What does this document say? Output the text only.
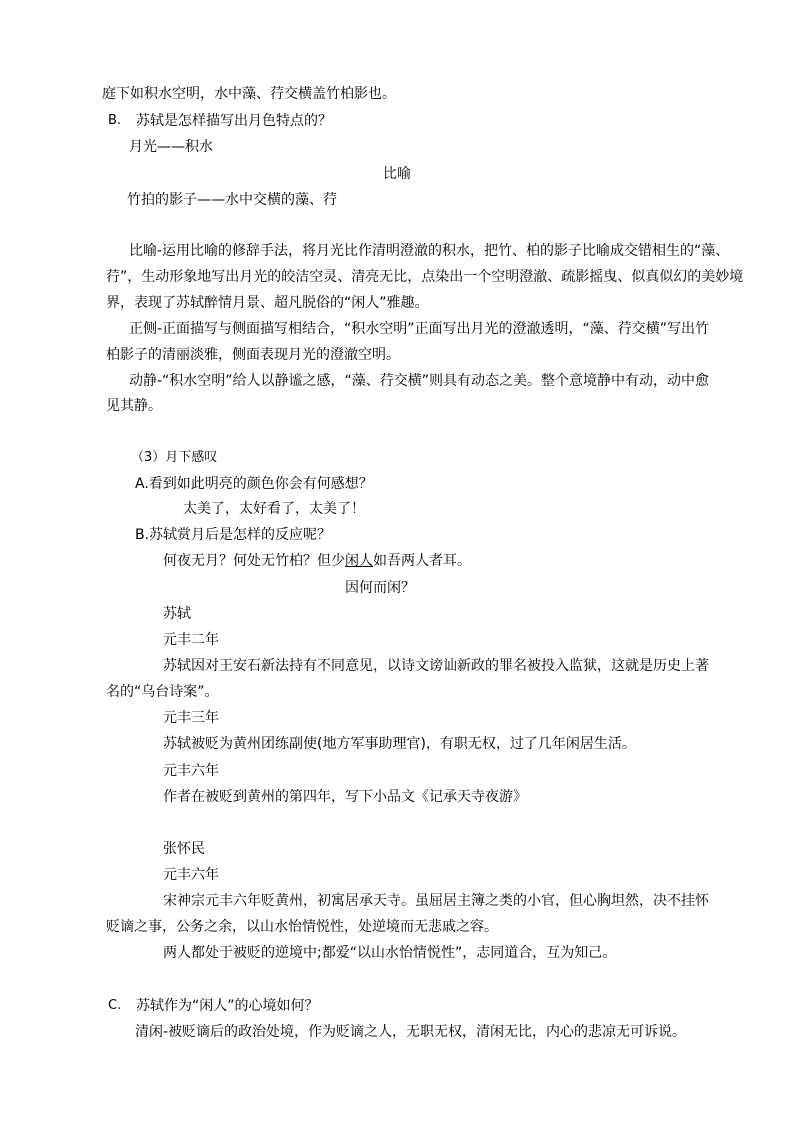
庭下如积水空明，水中藻、荇交横盖竹柏影也。
B. 苏轼是怎样描写出月色特点的？
月光——积水
比喻
竹拍的影子——水中交横的藻、荇
比喻-运用比喻的修辞手法，将月光比作清明澄澈的积水，把竹、柏的影子比喻成交错相生的“藻、
荇”，生动形象地写出月光的皎洁空灵、清亮无比，点染出一个空明澄澈、疏影摇曳、似真似幻的美妙境
界，表现了苏轼醉情月景、超凡脱俗的“闲人”雅趣。
正侧-正面描写与侧面描写相结合，“积水空明”正面写出月光的澄澈透明，“藻、荇交横”写出竹
柏影子的清丽淡雅，侧面表现月光的澄澈空明。
动静-“积水空明”给人以静谧之感，“藻、荇交横”则具有动态之美。整个意境静中有动，动中愈
见其静。
（3）月下感叹
A.看到如此明亮的颜色你会有何感想？
太美了，太好看了，太美了！
B.苏轼赏月后是怎样的反应呢？
何夜无月？何处无竹柏？但少闲人如吾两人者耳。
因何而闲？
苏轼
元丰二年
苏轼因对王安石新法持有不同意见，以诗文谤讪新政的罪名被投入监狱，这就是历史上著
名的“乌台诗案”。
元丰三年
苏轼被贬为黄州团练副使(地方军事助理官)，有职无权，过了几年闲居生活。
元丰六年
作者在被贬到黄州的第四年，写下小品文《记承天寺夜游》
张怀民
元丰六年
宋神宗元丰六年贬黄州，初寓居承天寺。虽屈居主簿之类的小官，但心胸坦然，决不挂怀
贬谪之事，公务之余，以山水怡情悦性，处逆境而无悲戚之容。
两人都处于被贬的逆境中;都爱“以山水怡情悦性”，志同道合，互为知己。
C. 苏轼作为“闲人”的心境如何？
清闲-被贬谪后的政治处境，作为贬谪之人，无职无权，清闲无比，内心的悲凉无可诉说。
